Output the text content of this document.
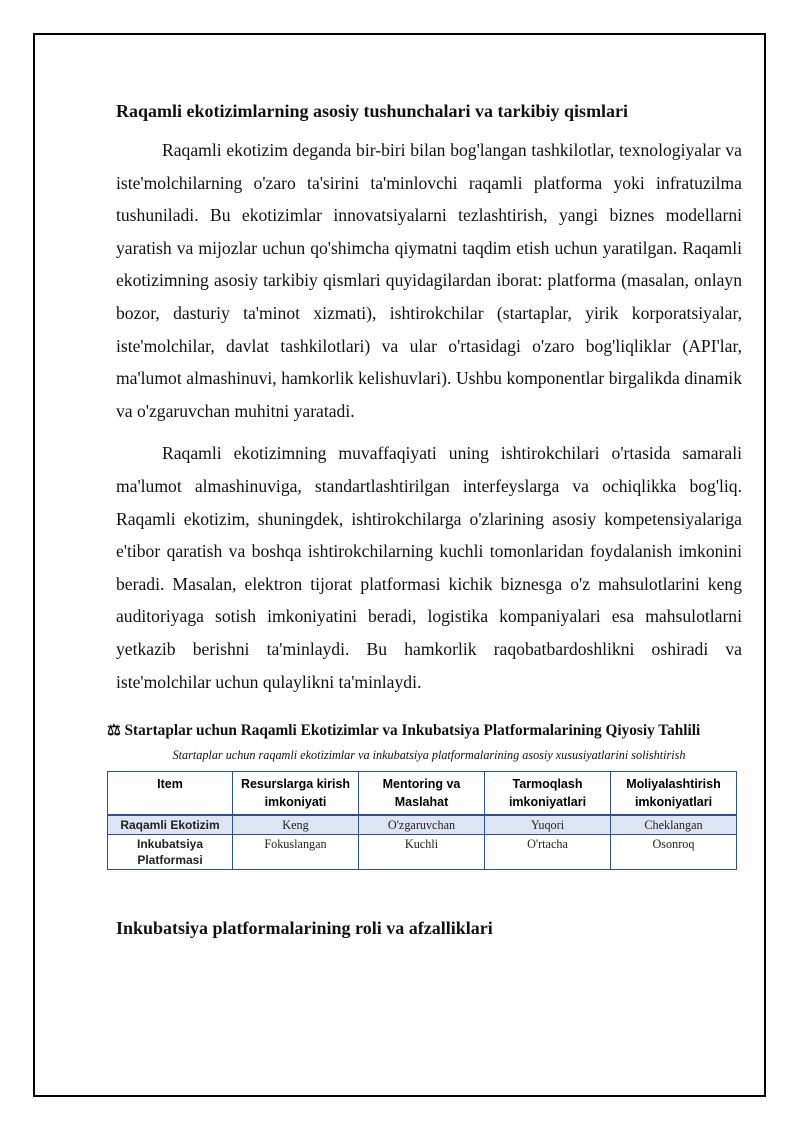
Raqamli ekotizimlarning asosiy tushunchalari va tarkibiy qismlari

Raqamli ekotizim deganda bir-biri bilan bog'langan tashkilotlar, texnologiyalar va iste'molchilarning o'zaro ta'sirini ta'minlovchi raqamli platforma yoki infratuzilma tushuniladi. Bu ekotizimlar innovatsiyalarni tezlashtirish, yangi biznes modellarni yaratish va mijozlar uchun qo'shimcha qiymatni taqdim etish uchun yaratilgan. Raqamli ekotizimning asosiy tarkibiy qismlari quyidagilardan iborat: platforma (masalan, onlayn bozor, dasturiy ta'minot xizmati), ishtirokchilar (startaplar, yirik korporatsiyalar, iste'molchilar, davlat tashkilotlari) va ular o'rtasidagi o'zaro bog'liqliklar (API'lar, ma'lumot almashinuvi, hamkorlik kelishuvlari). Ushbu komponentlar birgalikda dinamik va o'zgaruvchan muhitni yaratadi.

Raqamli ekotizimning muvaffaqiyati uning ishtirokchilari o'rtasida samarali ma'lumot almashinuviga, standartlashtirilgan interfeyslarga va ochiqlikka bog'liq. Raqamli ekotizim, shuningdek, ishtirokchilarga o'zlarining asosiy kompetensiyalariga e'tibor qaratish va boshqa ishtirokchilarning kuchli tomonlaridan foydalanish imkonini beradi. Masalan, elektron tijorat platformasi kichik biznesga o'z mahsulotlarini keng auditoriyaga sotish imkoniyatini beradi, logistika kompaniyalari esa mahsulotlarni yetkazib berishni ta'minlaydi. Bu hamkorlik raqobatbardoshlikni oshiradi va iste'molchilar uchun qulaylikni ta'minlaydi.

⚖ Startaplar uchun Raqamli Ekotizimlar va Inkubatsiya Platformalarining Qiyosiy Tahlili
Startaplar uchun raqamli ekotizimlar va inkubatsiya platformalarining asosiy xususiyatlarini solishtirish
Item	Resurslarga kirish imkoniyati	Mentoring va Maslahat	Tarmoqlash imkoniyatlari	Moliyalashtirish imkoniyatlari
Raqamli Ekotizim	Keng	O'zgaruvchan	Yuqori	Cheklangan
Inkubatsiya Platformasi	Fokuslangan	Kuchli	O'rtacha	Osonroq
Inkubatsiya platformalarining roli va afzalliklari
